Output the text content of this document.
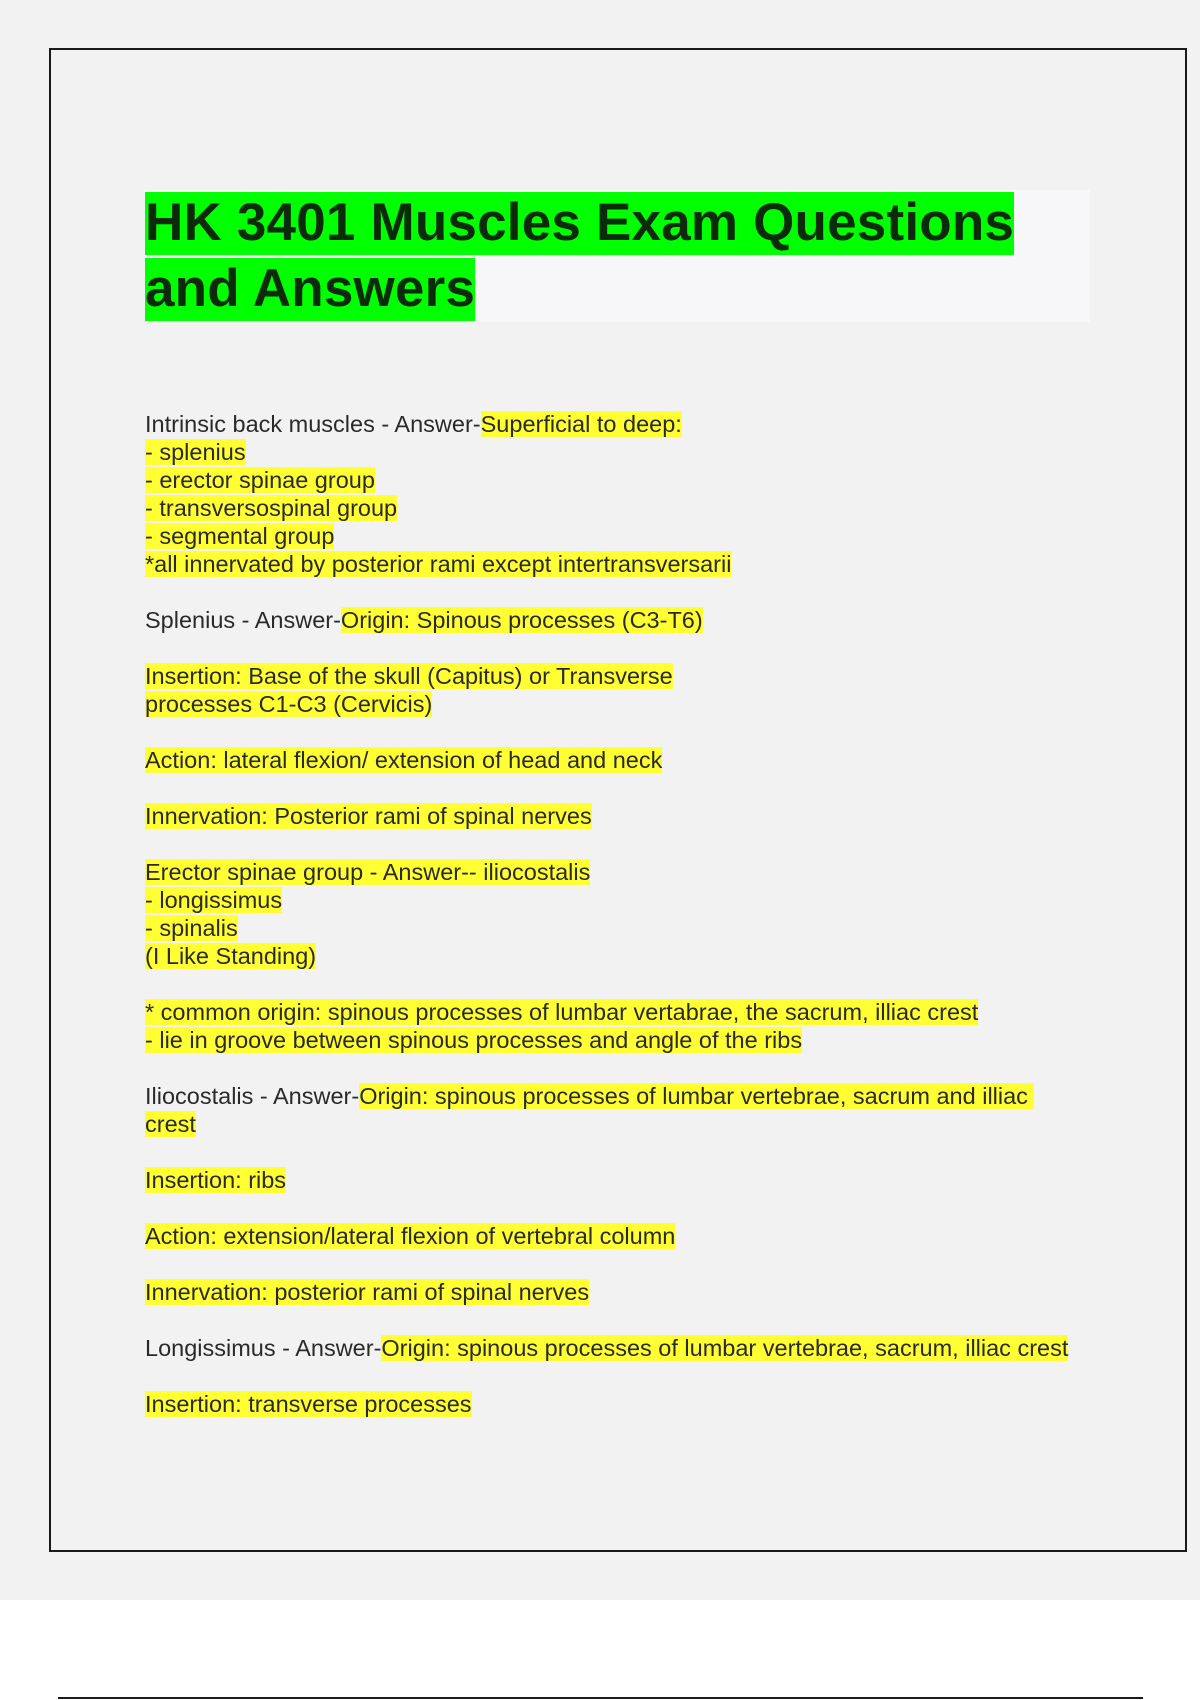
HK 3401 Muscles Exam Questions
and Answers

Intrinsic back muscles - Answer-Superficial to deep:
- splenius
- erector spinae group
- transversospinal group
- segmental group
*all innervated by posterior rami except intertransversarii

Splenius - Answer-Origin: Spinous processes (C3-T6)

Insertion: Base of the skull (Capitus) or Transverse
processes C1-C3 (Cervicis)

Action: lateral flexion/ extension of head and neck

Innervation: Posterior rami of spinal nerves

Erector spinae group - Answer-- iliocostalis
- longissimus
- spinalis
(I Like Standing)

* common origin: spinous processes of lumbar vertabrae, the sacrum, illiac crest
- lie in groove between spinous processes and angle of the ribs

Iliocostalis - Answer-Origin: spinous processes of lumbar vertebrae, sacrum and illiac crest

Insertion: ribs

Action: extension/lateral flexion of vertebral column

Innervation: posterior rami of spinal nerves

Longissimus - Answer-Origin: spinous processes of lumbar vertebrae, sacrum, illiac crest

Insertion: transverse processes
